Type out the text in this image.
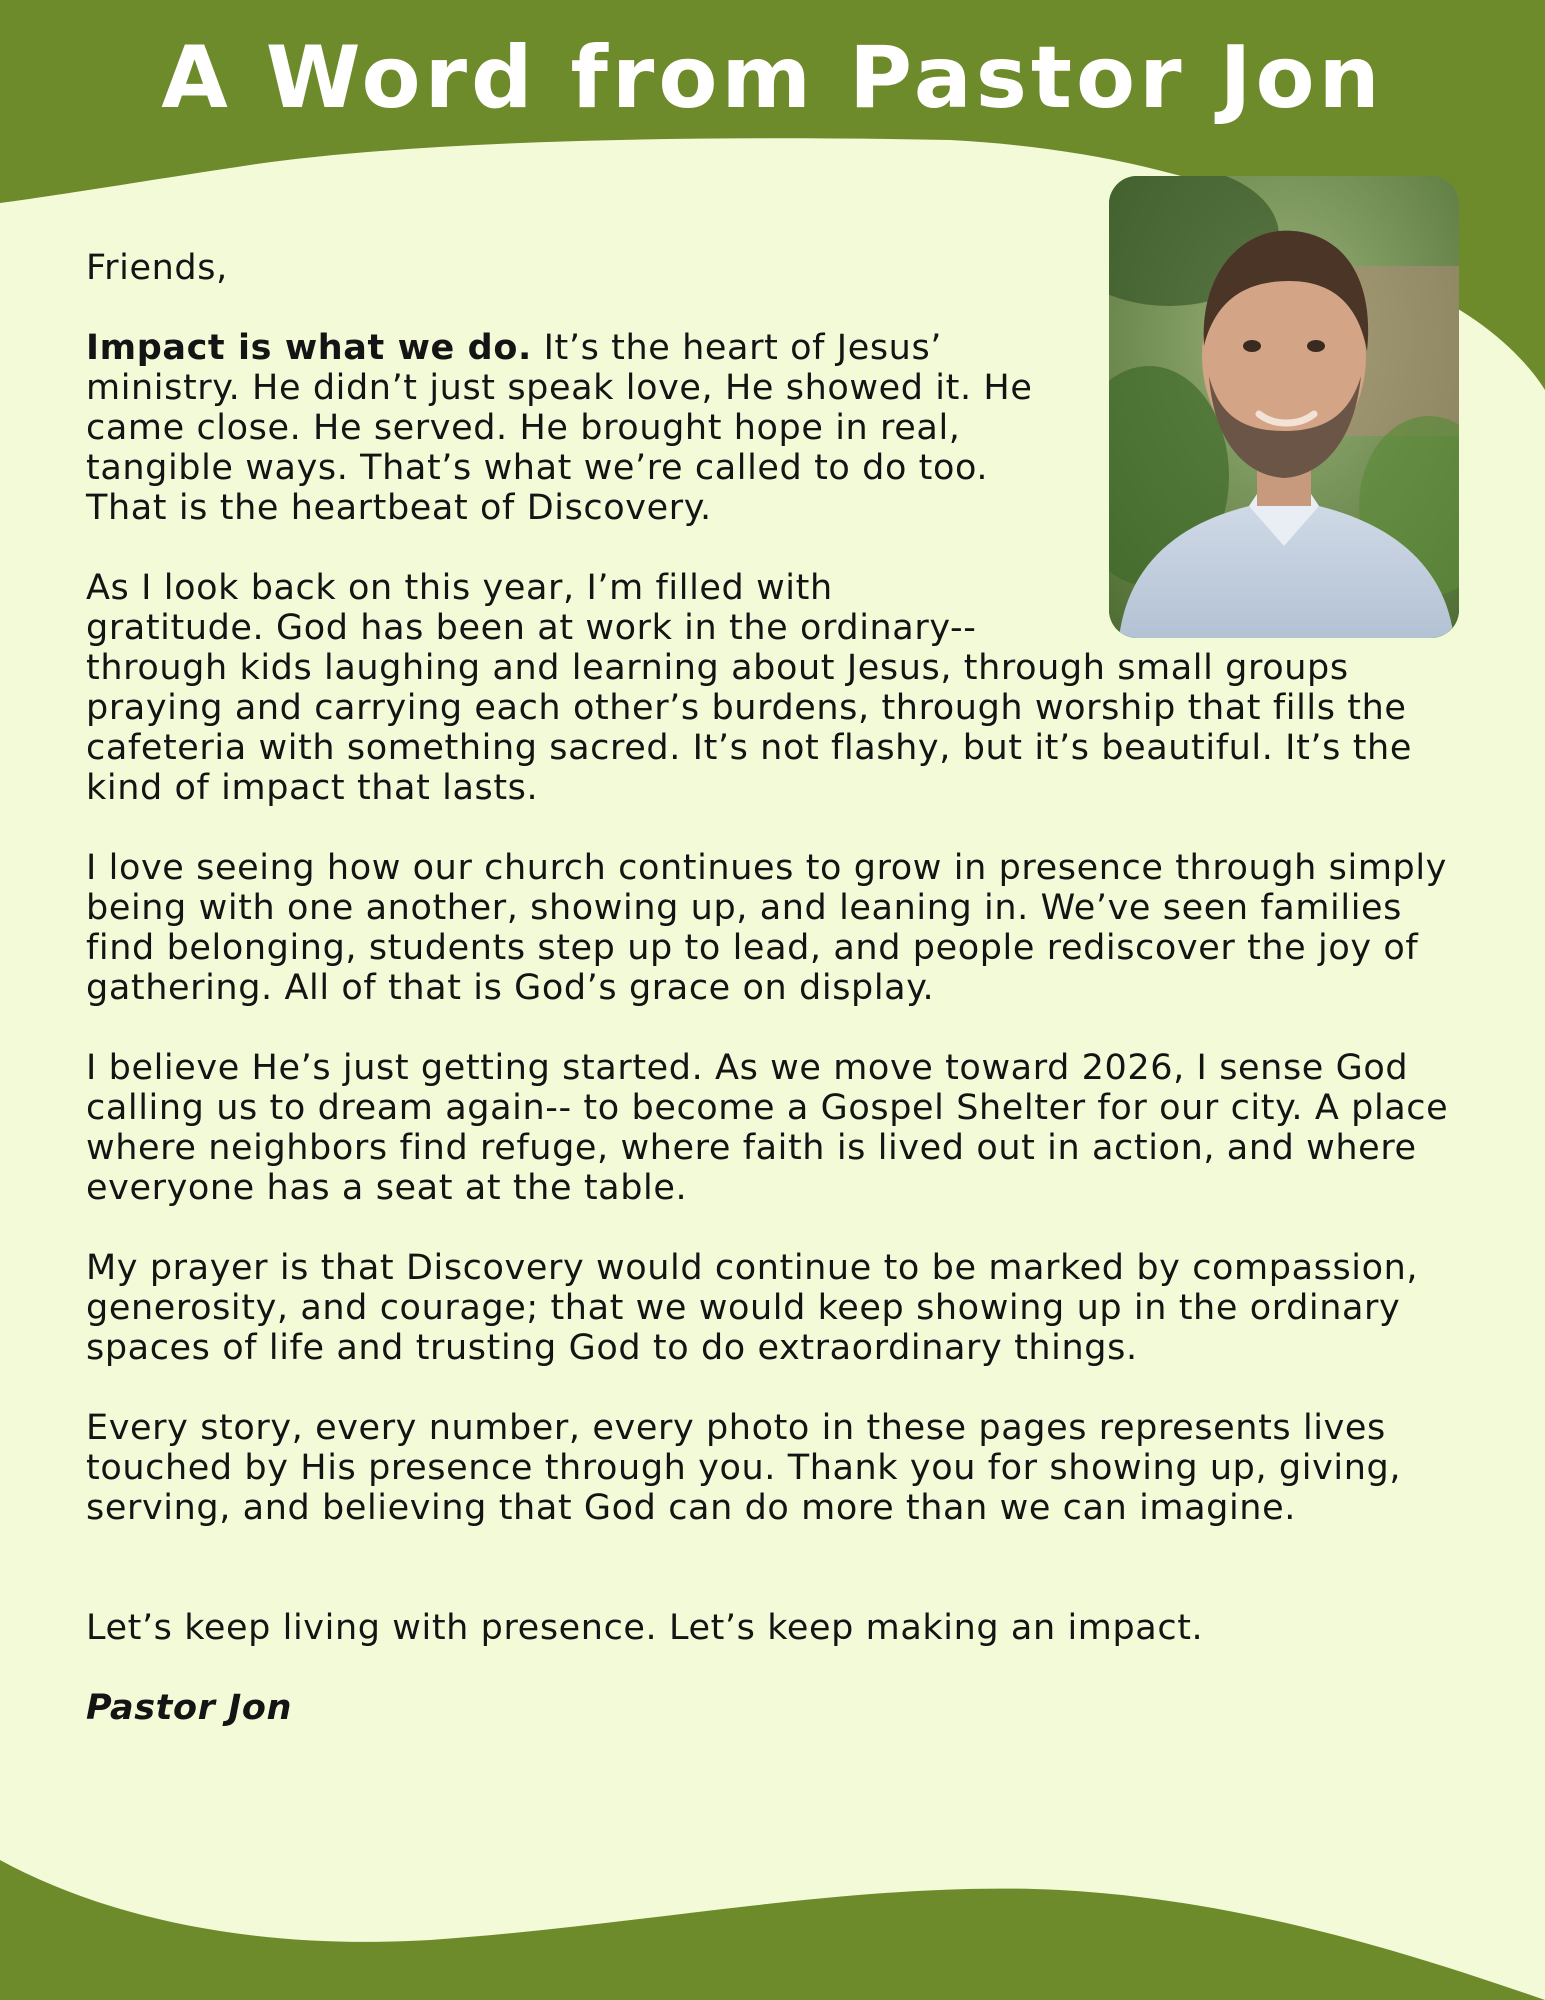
A Word from Pastor Jon

Friends,

Impact is what we do. It’s the heart of Jesus’ ministry. He didn’t just speak love, He showed it. He came close. He served. He brought hope in real, tangible ways. That’s what we’re called to do too. That is the heartbeat of Discovery.

As I look back on this year, I’m filled with
gratitude. God has been at work in the ordinary--
through kids laughing and learning about Jesus, through small groups praying and carrying each other’s burdens, through worship that fills the cafeteria with something sacred. It’s not flashy, but it’s beautiful. It’s the kind of impact that lasts.

I love seeing how our church continues to grow in presence through simply being with one another, showing up, and leaning in. We’ve seen families find belonging, students step up to lead, and people rediscover the joy of gathering. All of that is God’s grace on display.

I believe He’s just getting started. As we move toward 2026, I sense God calling us to dream again-- to become a Gospel Shelter for our city. A place where neighbors find refuge, where faith is lived out in action, and where everyone has a seat at the table.

My prayer is that Discovery would continue to be marked by compassion, generosity, and courage; that we would keep showing up in the ordinary spaces of life and trusting God to do extraordinary things.

Every story, every number, every photo in these pages represents lives touched by His presence through you. Thank you for showing up, giving, serving, and believing that God can do more than we can imagine.

Let’s keep living with presence. Let’s keep making an impact.

Pastor Jon
